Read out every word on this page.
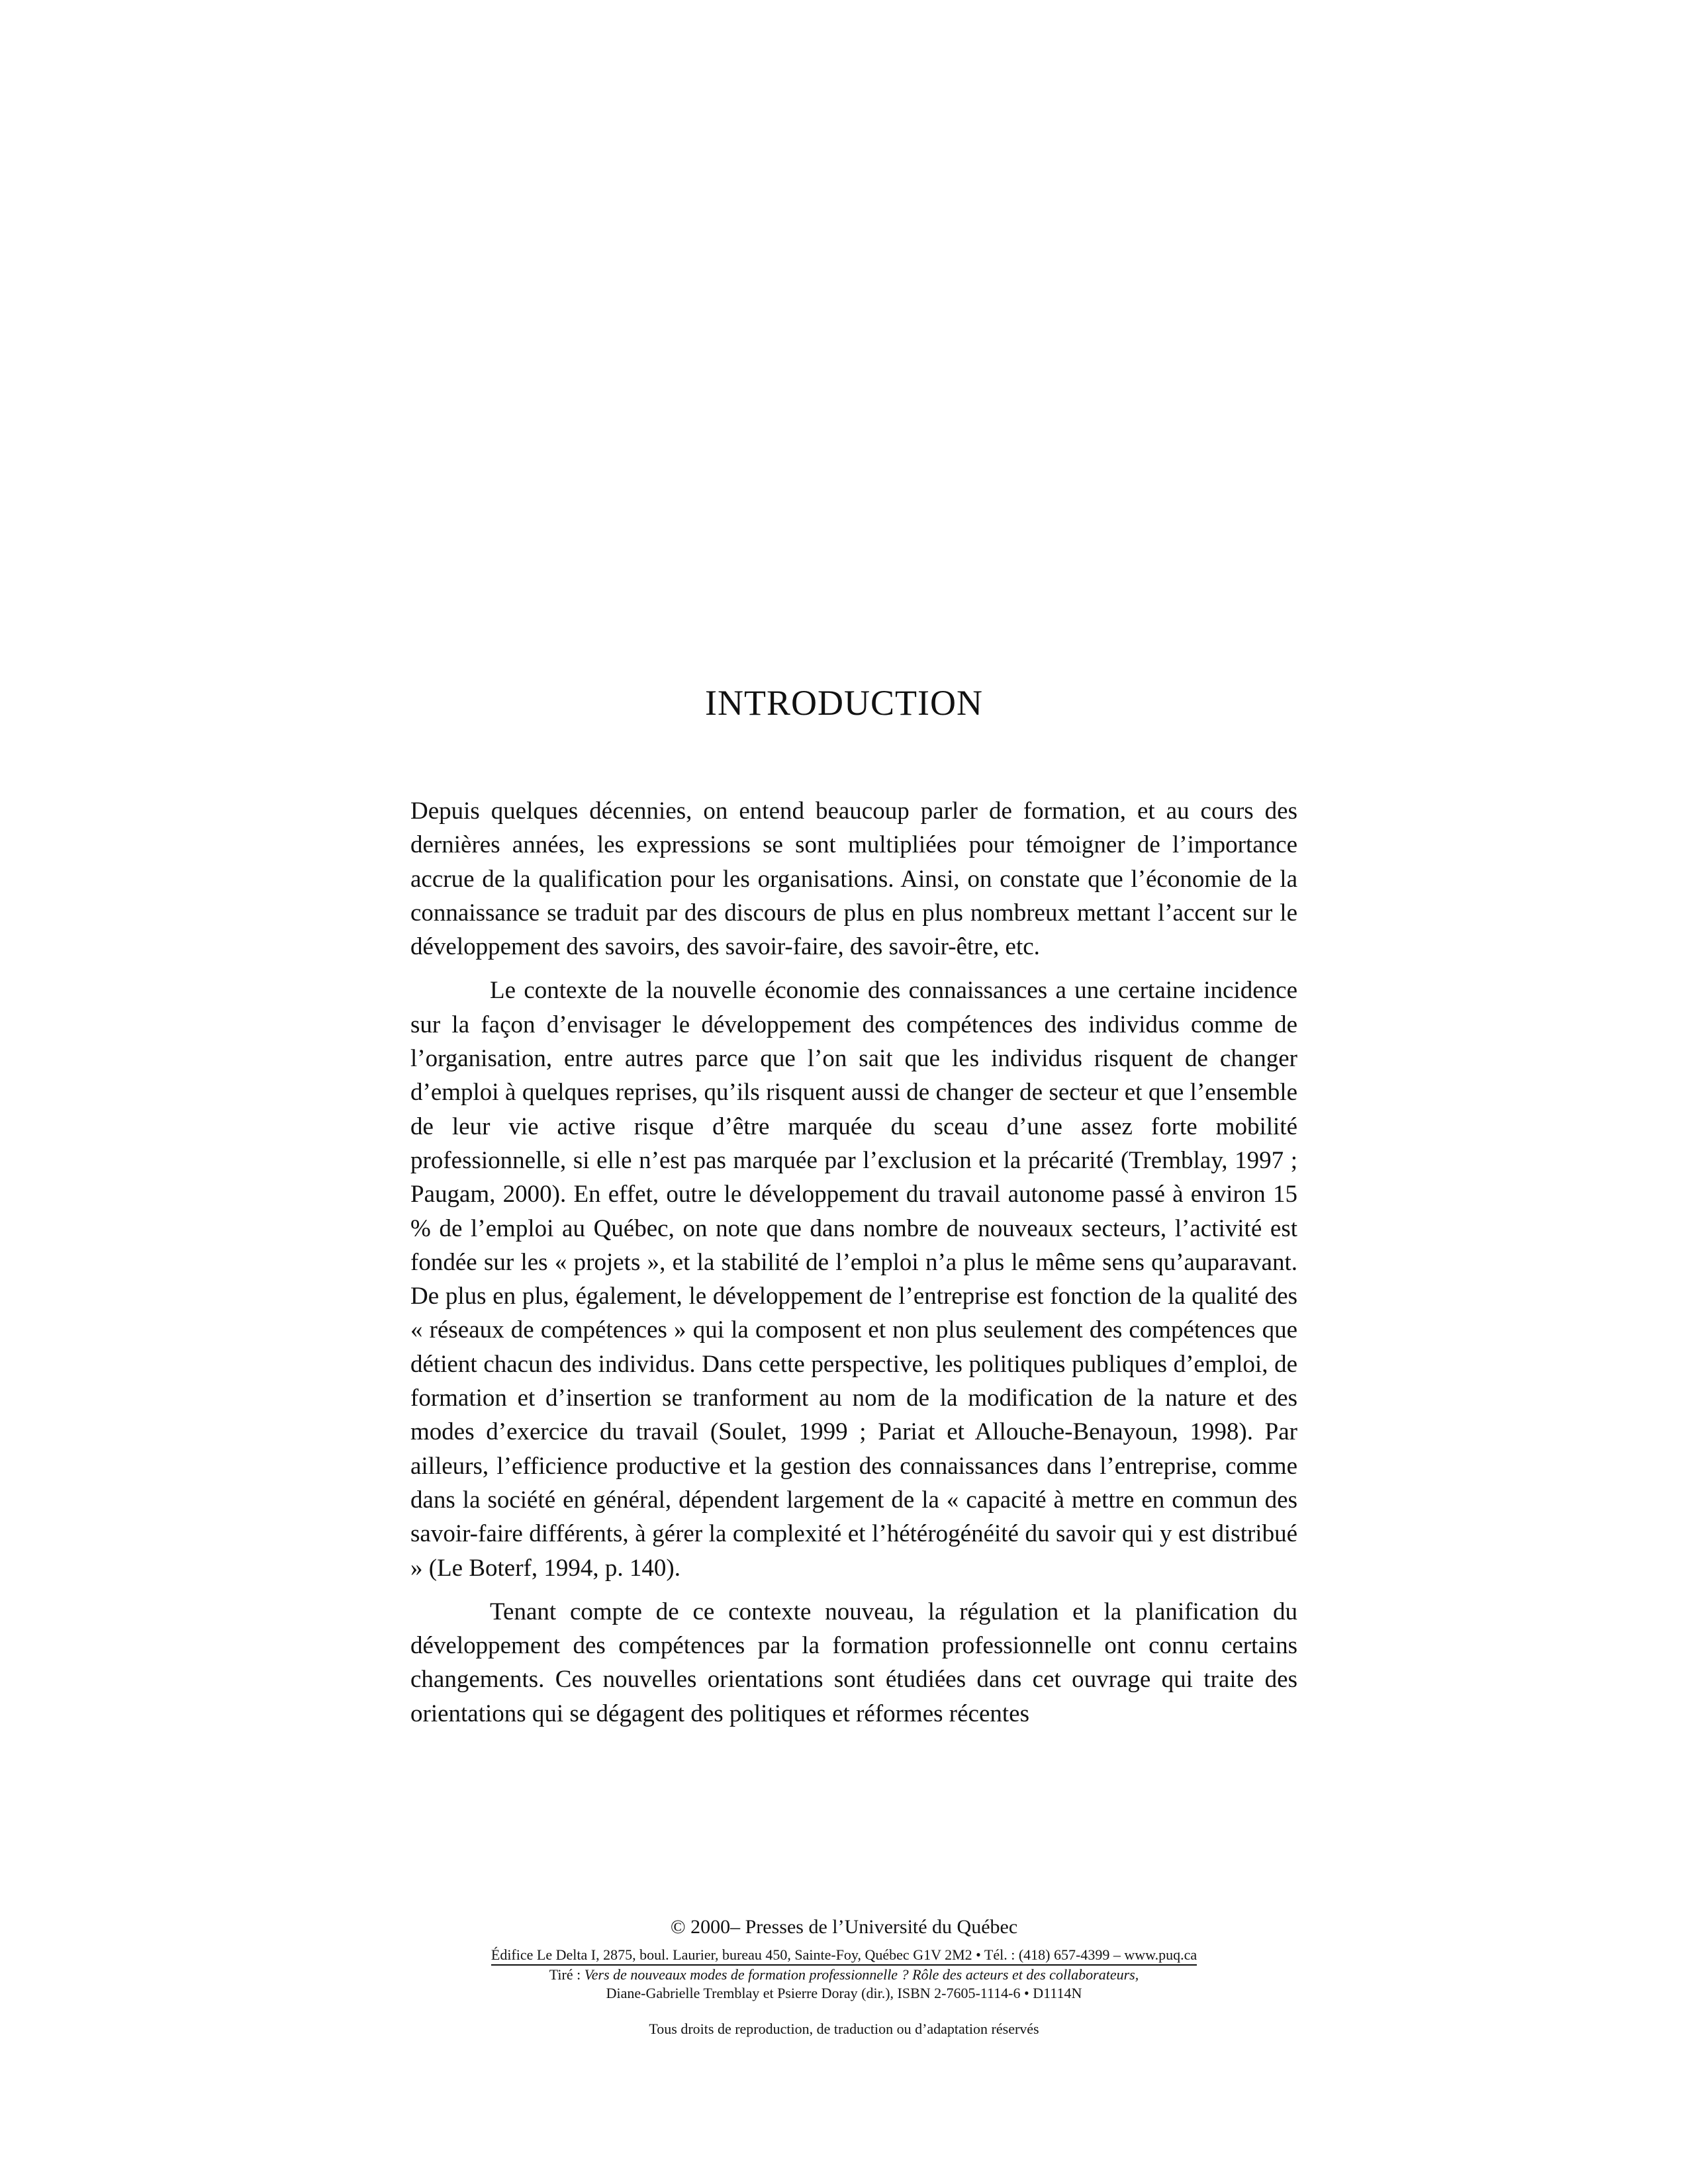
INTRODUCTION

Depuis quelques décennies, on entend beaucoup parler de formation, et au cours des dernières années, les expressions se sont multipliées pour témoigner de l’importance accrue de la qualification pour les organisations. Ainsi, on constate que l’économie de la connaissance se traduit par des discours de plus en plus nombreux mettant l’accent sur le développement des savoirs, des savoir-faire, des savoir-être, etc.

Le contexte de la nouvelle économie des connaissances a une certaine incidence sur la façon d’envisager le développement des compétences des individus comme de l’organisation, entre autres parce que l’on sait que les individus risquent de changer d’emploi à quelques reprises, qu’ils risquent aussi de changer de secteur et que l’ensemble de leur vie active risque d’être marquée du sceau d’une assez forte mobilité professionnelle, si elle n’est pas marquée par l’exclusion et la précarité (Tremblay, 1997 ; Paugam, 2000). En effet, outre le développement du travail autonome passé à environ 15 % de l’emploi au Québec, on note que dans nombre de nouveaux secteurs, l’activité est fondée sur les « projets », et la stabilité de l’emploi n’a plus le même sens qu’auparavant. De plus en plus, également, le développement de l’entreprise est fonction de la qualité des « réseaux de compétences » qui la composent et non plus seulement des compétences que détient chacun des individus. Dans cette perspective, les politiques publiques d’emploi, de formation et d’insertion se tranforment au nom de la modification de la nature et des modes d’exercice du travail (Soulet, 1999 ; Pariat et Allouche-Benayoun, 1998). Par ailleurs, l’efficience productive et la gestion des connaissances dans l’entreprise, comme dans la société en général, dépendent largement de la « capacité à mettre en commun des savoir-faire différents, à gérer la complexité et l’hétérogénéité du savoir qui y est distribué » (Le Boterf, 1994, p. 140).

Tenant compte de ce contexte nouveau, la régulation et la planification du développement des compétences par la formation professionnelle ont connu certains changements. Ces nouvelles orientations sont étudiées dans cet ouvrage qui traite des orientations qui se dégagent des politiques et réformes récentes

© 2000– Presses de l’Université du Québec
Édifice Le Delta I, 2875, boul. Laurier, bureau 450, Sainte-Foy, Québec G1V 2M2 • Tél. : (418) 657-4399 – www.puq.ca
Tiré : Vers de nouveaux modes de formation professionnelle ? Rôle des acteurs et des collaborateurs,
Diane-Gabrielle Tremblay et Psierre Doray (dir.), ISBN 2-7605-1114-6 • D1114N
Tous droits de reproduction, de traduction ou d’adaptation réservés
